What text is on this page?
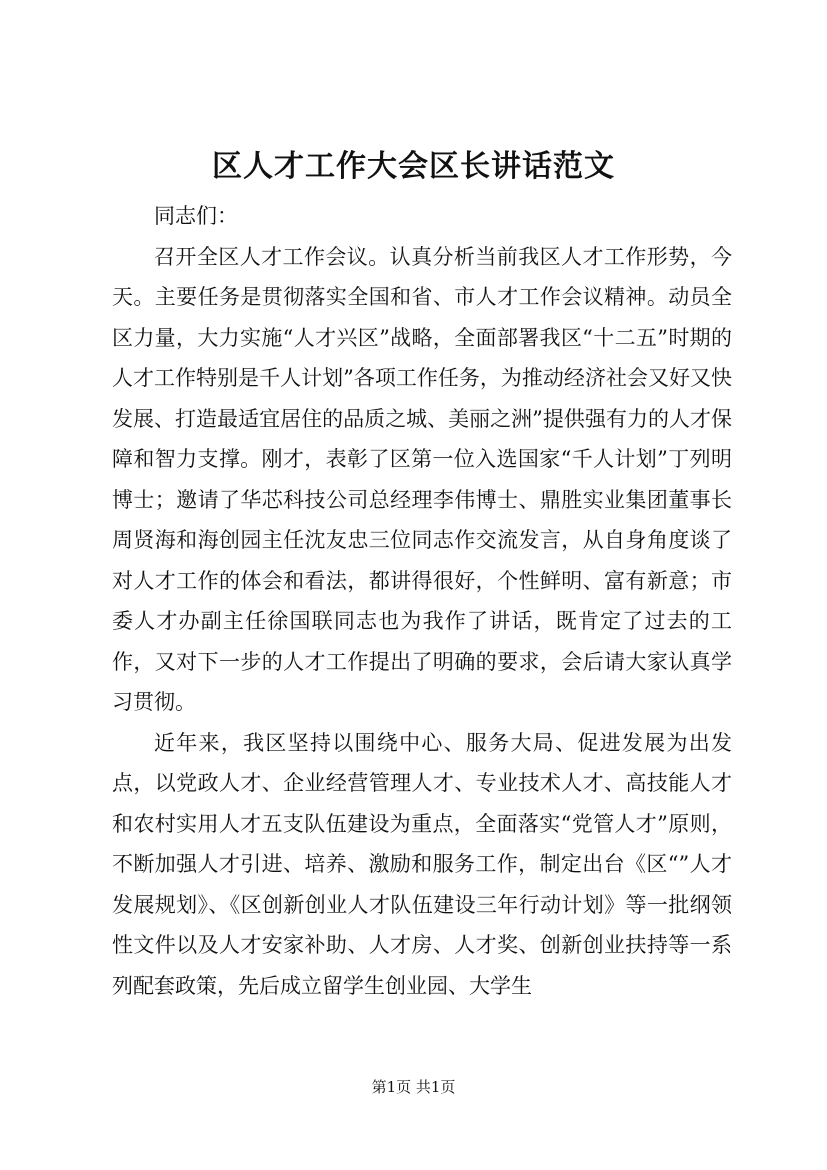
区人才工作大会区长讲话范文

同志们：

召开全区人才工作会议。认真分析当前我区人才工作形势，今天。主要任务是贯彻落实全国和省、市人才工作会议精神。动员全区力量，大力实施“人才兴区”战略，全面部署我区“十二五”时期的人才工作特别是千人计划”各项工作任务，为推动经济社会又好又快发展、打造最适宜居住的品质之城、美丽之洲”提供强有力的人才保障和智力支撑。刚才，表彰了区第一位入选国家“千人计划”丁列明博士；邀请了华芯科技公司总经理李伟博士、鼎胜实业集团董事长周贤海和海创园主任沈友忠三位同志作交流发言，从自身角度谈了对人才工作的体会和看法，都讲得很好，个性鲜明、富有新意；市委人才办副主任徐国联同志也为我作了讲话，既肯定了过去的工作，又对下一步的人才工作提出了明确的要求，会后请大家认真学习贯彻。

近年来，我区坚持以围绕中心、服务大局、促进发展为出发点，以党政人才、企业经营管理人才、专业技术人才、高技能人才和农村实用人才五支队伍建设为重点，全面落实“党管人才”原则，不断加强人才引进、培养、激励和服务工作，制定出台《区“”人才发展规划》、《区创新创业人才队伍建设三年行动计划》等一批纲领性文件以及人才安家补助、人才房、人才奖、创新创业扶持等一系列配套政策，先后成立留学生创业园、大学生

第1页 共1页
